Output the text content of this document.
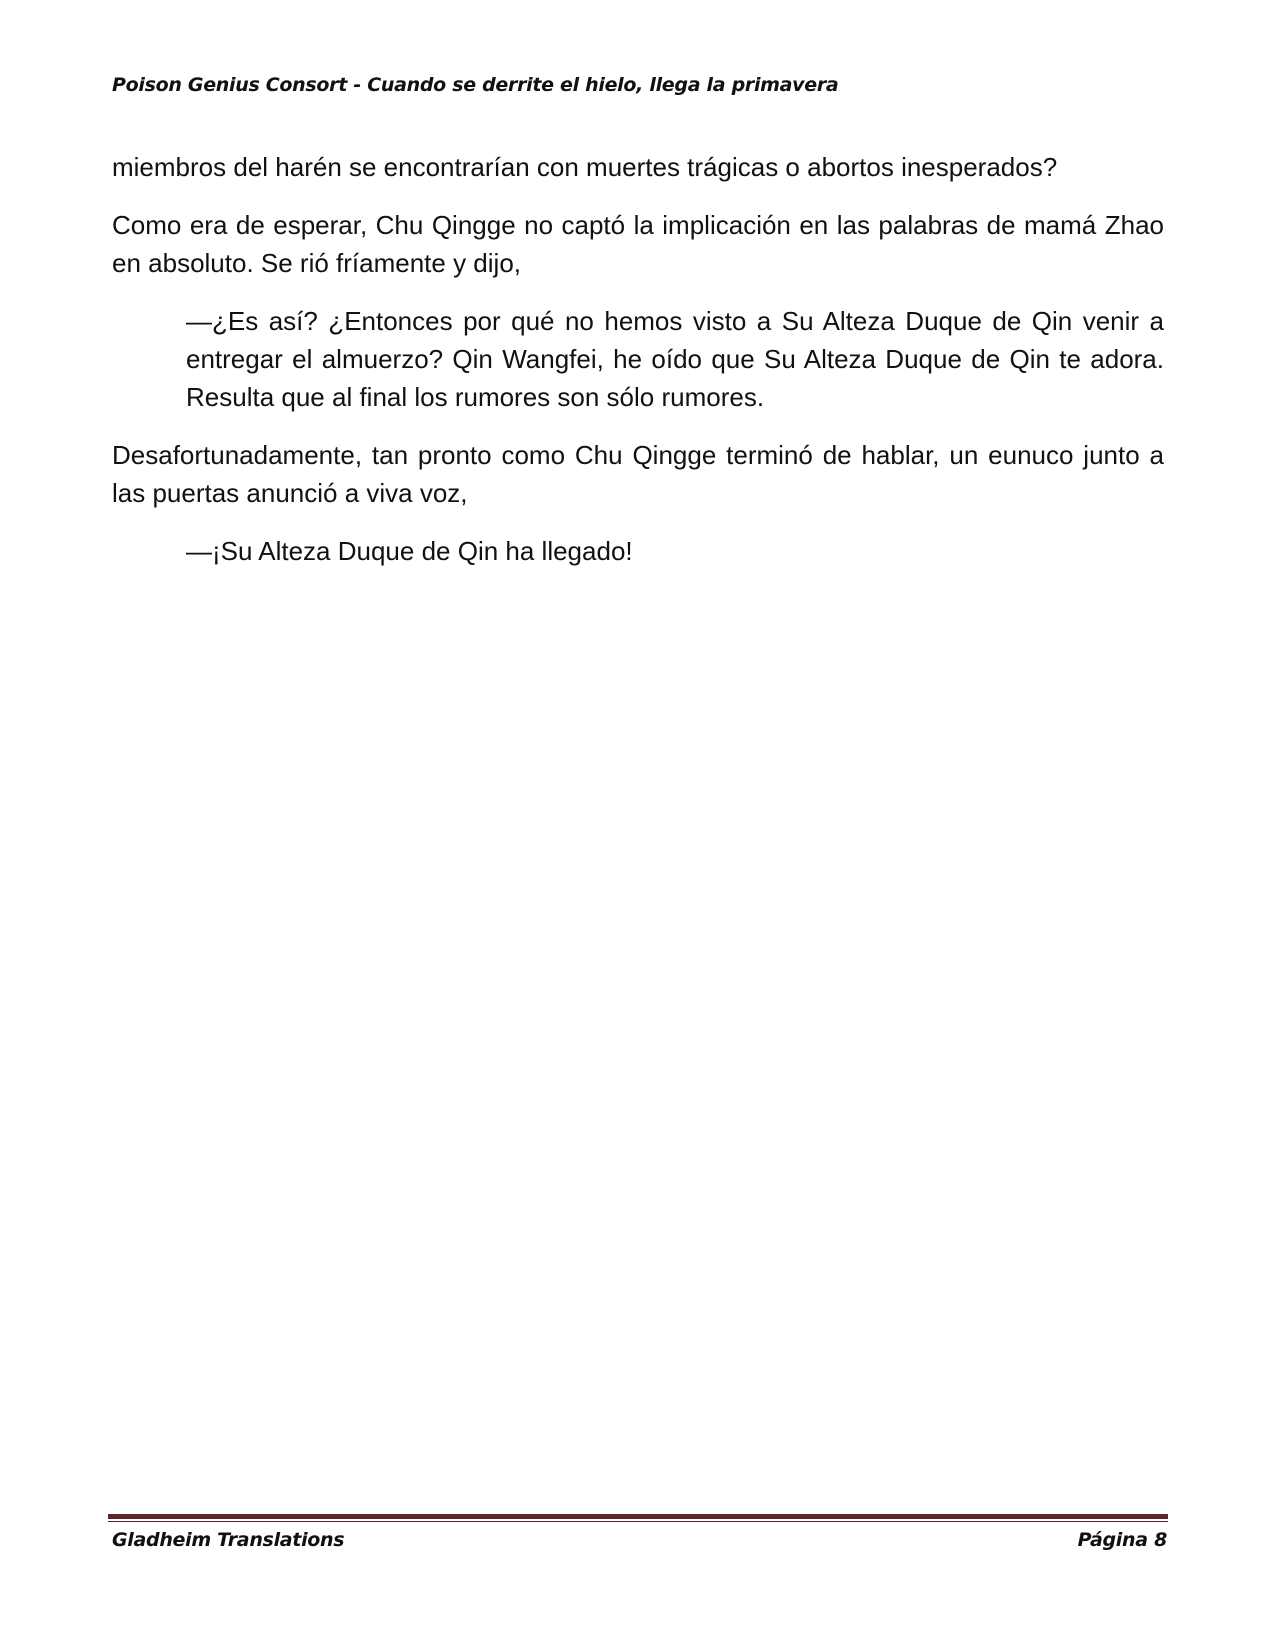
Poison Genius Consort - Cuando se derrite el hielo, llega la primavera

miembros del harén se encontrarían con muertes trágicas o abortos inesperados?

Como era de esperar, Chu Qingge no captó la implicación en las palabras de mamá Zhao en absoluto. Se rió fríamente y dijo,

—¿Es así? ¿Entonces por qué no hemos visto a Su Alteza Duque de Qin venir a entregar el almuerzo? Qin Wangfei, he oído que Su Alteza Duque de Qin te adora. Resulta que al final los rumores son sólo rumores.

Desafortunadamente, tan pronto como Chu Qingge terminó de hablar, un eunuco junto a las puertas anunció a viva voz,

—¡Su Alteza Duque de Qin ha llegado!

Gladheim Translations	Página 8
